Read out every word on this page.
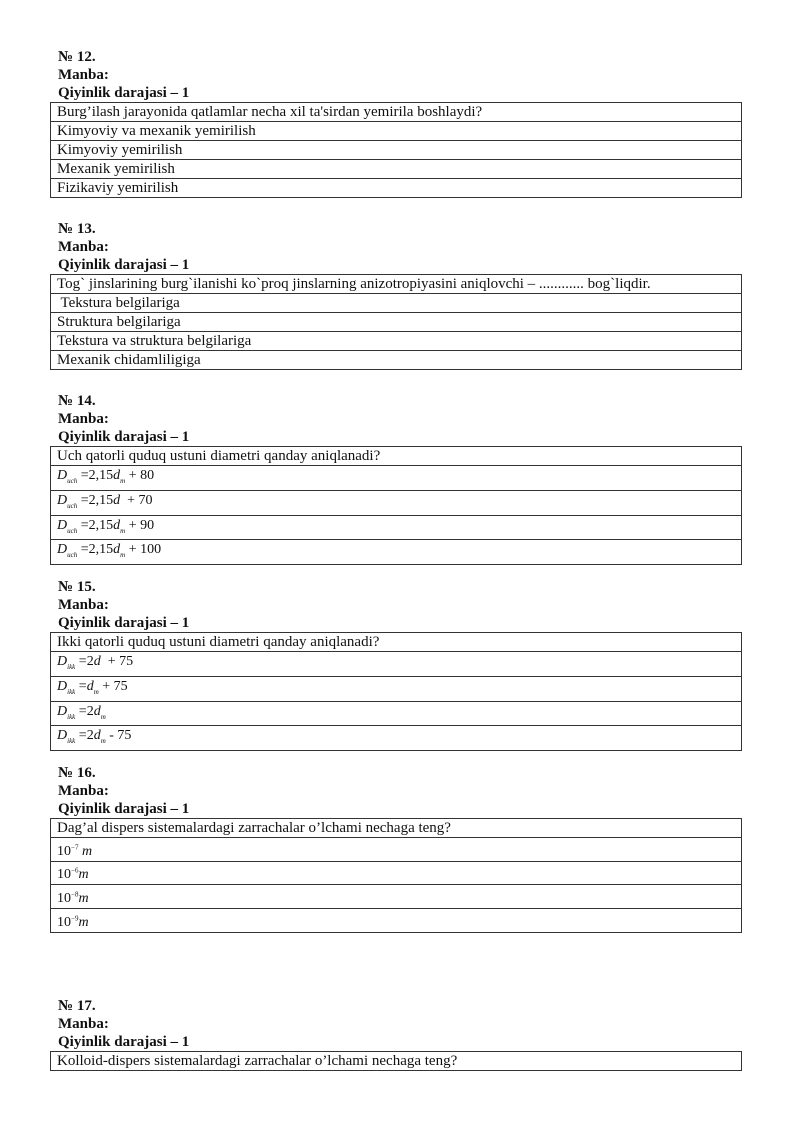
№ 12.

Manba:

Qiyinlik darajasi – 1

Burg’ilash jarayonida qatlamlar necha xil ta'sirdan yemirila boshlaydi?
Kimyoviy va mexanik yemirilish
Kimyoviy yemirilish
Mexanik yemirilish
Fizikaviy yemirilish

№ 13.

Manba:

Qiyinlik darajasi – 1

Tog` jinslarining burg`ilanishi ko`proq jinslarning anizotropiyasini aniqlovchi – ............ bog`liqdir.
Tekstura belgilariga
Struktura belgilariga
Tekstura va struktura belgilariga
Mexanik chidamliligiga

№ 14.

Manba:

Qiyinlik darajasi – 1

Uch qatorli quduq ustuni diametri qanday aniqlanadi?
$D_{uch} =2,15d_m + 80$
$D_{uch} =2,15d + 70$
$D_{uch} =2,15d_m + 90$
$D_{uch} =2,15d_m + 100$

№ 15.

Manba:

Qiyinlik darajasi – 1

Ikki qatorli quduq ustuni diametri qanday aniqlanadi?
$D_{ikk} =2d + 75$
$D_{ikk} =d_m + 75$
$D_{ikk} =2d_m$
$D_{ikk} =2d_m - 75$

№ 16.

Manba:

Qiyinlik darajasi – 1

Dag’al dispers sistemalardagi zarrachalar o’lchami nechaga teng?
$10^{-7}$ m
$10^{-6}m$
$10^{-8}m$
$10^{-9}m$

№ 17.

Manba:

Qiyinlik darajasi – 1

Kolloid-dispers sistemalardagi zarrachalar o’lchami nechaga teng?
